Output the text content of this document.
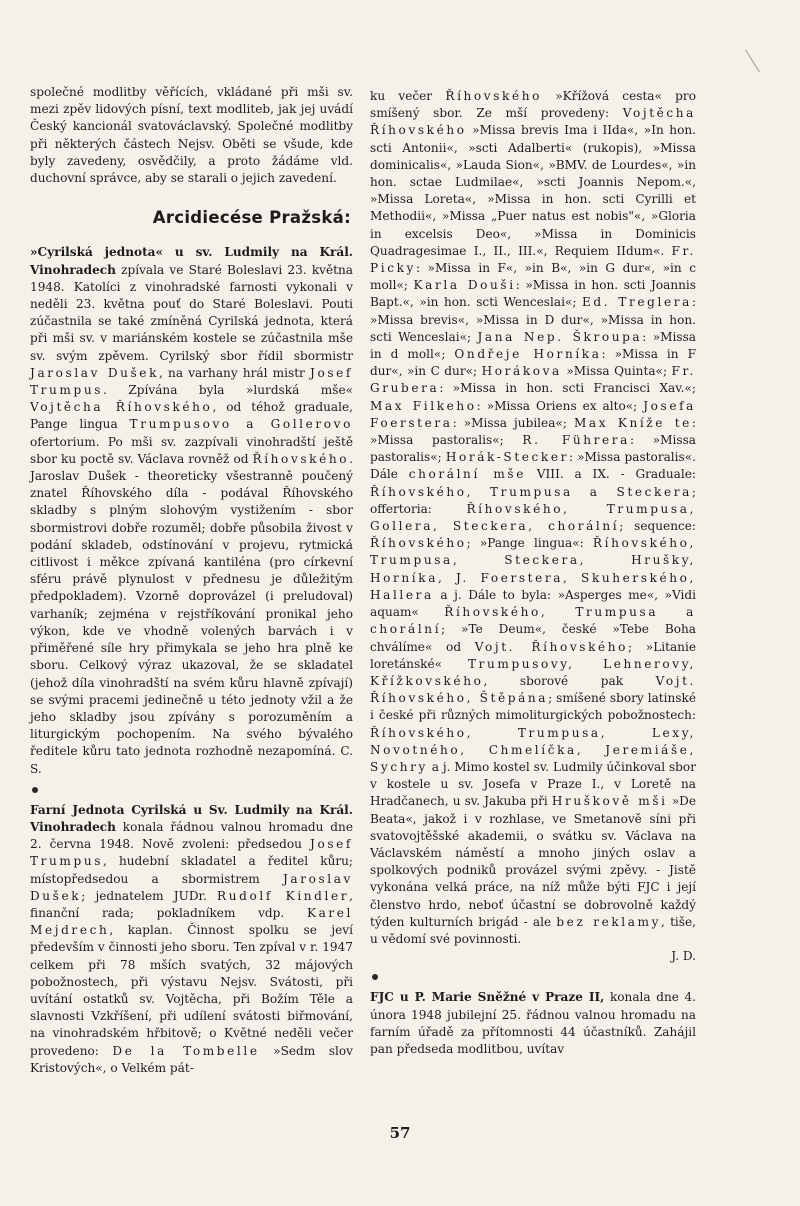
společné modlitby věřících, vkládané při mši sv. mezi zpěv lidových písní, text modliteb, jak jej uvádí Český kancionál svatováclavský. Společné modlitby při některých částech Nejsv. Oběti se všude, kde byly zavedeny, osvědčily, a proto žádáme vld. duchovní správce, aby se starali o jejich zavedení.

Arcidiecése Pražská:

»Cyrilská jednota« u sv. Ludmily na Král. Vinohradech zpívala ve Staré Boleslavi 23. května 1948. Katolíci z vinohradské farnosti vykonali v neděli 23. května pouť do Staré Boleslavi. Pouti zúčastnila se také zmíněná Cyrilská jednota, která při mši sv. v mariánském kostele se zúčastnila mše sv. svým zpěvem. Cyrilský sbor řídil sbormistr Jaroslav Dušek, na varhany hrál mistr Josef Trumpus. Zpívána byla »lurdská mše« Vojtěcha Říhovského, od téhož graduale, Pange lingua Trumpusovo a Gollerovo ofertorium. Po mši sv. zazpívali vinohradští ještě sbor ku poctě sv. Václava rovněž od Říhovského. Jaroslav Dušek - theoreticky všestranně poučený znatel Říhovského díla - podával Říhovského skladby s plným slohovým vystižením - sbor sbormistrovi dobře rozuměl; dobře působila živost v podání skladeb, odstínování v projevu, rytmická citlivost i měkce zpívaná kantiléna (pro církevní sféru právě plynulost v přednesu je důležitým předpokladem). Vzorně doprovázel (i preludoval) varhaník; zejména v rejstříkování pronikal jeho výkon, kde ve vhodně volených barvách i v přiměřené síle hry přimykala se jeho hra plně ke sboru. Celkový výraz ukazoval, že se skladatel (jehož díla vinohradští na svém kůru hlavně zpívají) se svými pracemi jedinečně u této jednoty vžil a že jeho skladby jsou zpívány s porozuměním a liturgickým pochopením. Na svého bývalého ředitele kůru tato jednota rozhodně nezapomíná. C. S.

Farní Jednota Cyrilská u Sv. Ludmily na Král. Vinohradech konala řádnou valnou hromadu dne 2. června 1948. Nově zvoleni: předsedou Josef Trumpus, hudební skladatel a ředitel kůru; místopředsedou a sbormistrem Jaroslav Dušek; jednatelem JUDr. Rudolf Kindler, finanční rada; pokladníkem vdp. Karel Mejdrech, kaplan. Činnost spolku se jeví především v činnosti jeho sboru. Ten zpíval v r. 1947 celkem při 78 mších svatých, 32 májových pobožnostech, při výstavu Nejsv. Svátosti, při uvítání ostatků sv. Vojtěcha, při Božím Těle a slavnosti Vzkříšení, při udílení svátosti biřmování, na vinohradském hřbitově; o Květné neděli večer provedeno: De la Tombelle »Sedm slov Kristových«, o Velkém pát-

ku večer Říhovského »Křížová cesta« pro smíšený sbor. Ze mší provedeny: Vojtěcha Říhovského »Missa brevis Ima i IIda«, »In hon. scti Antonii«, »scti Adalberti« (rukopis), »Missa dominicalis«, »Lauda Sion«, »BMV. de Lourdes«, »in hon. sctae Ludmilae«, »scti Joannis Nepom.«, »Missa Loreta«, »Missa in hon. scti Cyrilli et Methodii«, »Missa „Puer natus est nobis"«, »Gloria in excelsis Deo«, »Missa in Dominicis Quadragesimae I., II., III.«, Requiem IIdum«. Fr. Picky: »Missa in F«, »in B«, »in G dur«, »in c moll«; Karla Douši: »Missa in hon. scti Joannis Bapt.«, »in hon. scti Wenceslai«; Ed. Treglera: »Missa brevis«, »Missa in D dur«, »Missa in hon. scti Wenceslai«; Jana Nep. Škroupa: »Missa in d moll«; Ondřeje Horníka: »Missa in F dur«, »in C dur«; Horákova »Missa Quinta«; Fr. Grubera: »Missa in hon. scti Francisci Xav.«; Max Filkeho: »Missa Oriens ex alto«; Josefa Foerstera: »Missa jubilea«; Max Kníže te: »Missa pastoralis«; R. Führera: »Missa pastoralis«; Horák-Stecker: »Missa pastoralis«. Dále chorální mše VIII. a IX. - Graduale: Říhovského, Trumpusa a Steckera; offertoria: Říhovského, Trumpusa, Gollera, Steckera, chorální; sequence: Říhovského; »Pange lingua«: Říhovského, Trumpusa, Steckera, Hrušky, Horníka, J. Foerstera, Skuherského, Hallera a j. Dále to byla: »Asperges me«, »Vidi aquam« Říhovského, Trumpusa a chorální; »Te Deum«, české »Tebe Boha chválíme« od Vojt. Říhovského; »Litanie loretánské« Trumpusovy, Lehnerovy, Křížkovského, sborové pak Vojt. Říhovského, Štěpána; smíšené sbory latinské i české při různých mimoliturgických pobožnostech: Říhovského, Trumpusa, Lexy, Novotného, Chmelíčka, Jeremiáše, Sychry a j. Mimo kostel sv. Ludmily účinkoval sbor v kostele u sv. Josefa v Praze I., v Loretě na Hradčanech, u sv. Jakuba při Hruškově mši »De Beata«, jakož i v rozhlase, ve Smetanově síni při svatovojtěšské akademii, o svátku sv. Václava na Václavském náměstí a mnoho jiných oslav a spolkových podniků provázel svými zpěvy. - Jistě vykonána velká práce, na níž může býti FJC i její členstvo hrdo, neboť účastní se dobrovolně každý týden kulturních brigád - ale bez reklamy, tiše, u vědomí své povinnosti.

J. D.

FJC u P. Marie Sněžné v Praze II, konala dne 4. února 1948 jubilejní 25. řádnou valnou hromadu na farním úřadě za přítomnosti 44 účastníků. Zahájil pan předseda modlitbou, uvítav

57
